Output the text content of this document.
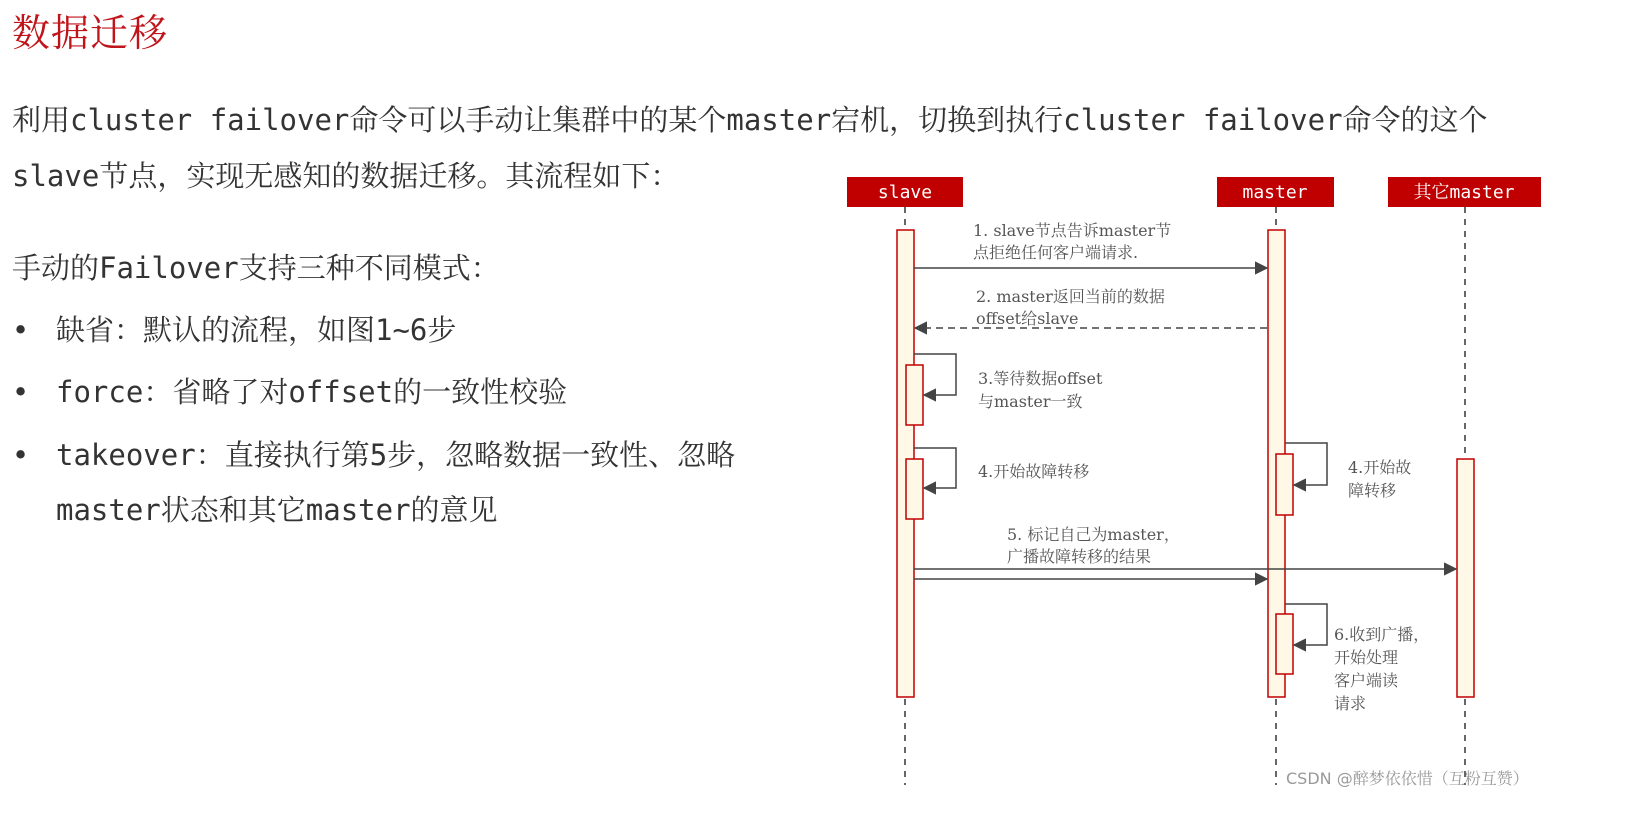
数据迁移

利用cluster failover命令可以手动让集群中的某个master宕机，切换到执行cluster failover命令的这个

slave节点，实现无感知的数据迁移。其流程如下：

手动的Failover支持三种不同模式：

• 缺省：默认的流程，如图1~6步
• force：省略了对offset的一致性校验
• takeover：直接执行第5步，忽略数据一致性、忽略
master状态和其它master的意见
slave	master	其它master
1. slave节点告诉master节
点拒绝任何客户端请求.
2. master返回当前的数据
offset给slave
3.等待数据offset
与master一致
4.开始故障转移	4.开始故
障转移
5. 标记自己为master，
广播故障转移的结果
6.收到广播，
开始处理
客户端读
请求
CSDN @醉梦依依惜（互粉互赞）
